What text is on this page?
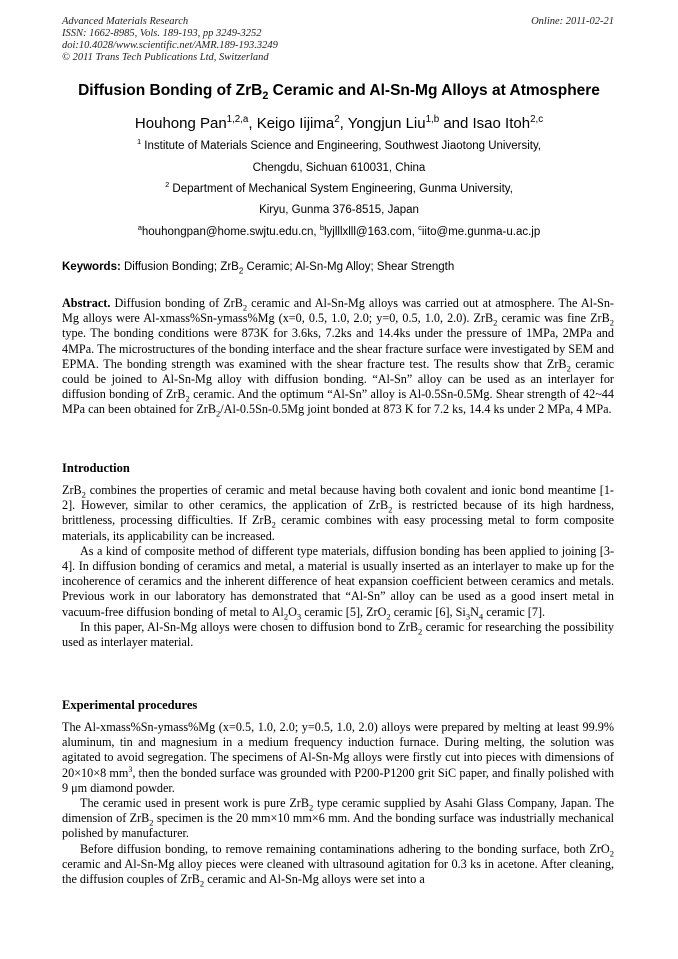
Advanced Materials Research
ISSN: 1662-8985, Vols. 189-193, pp 3249-3252
doi:10.4028/www.scientific.net/AMR.189-193.3249
© 2011 Trans Tech Publications Ltd, Switzerland
Online: 2011-02-21
Diffusion Bonding of ZrB$_2$ Ceramic and Al-Sn-Mg Alloys at Atmosphere
Houhong Pan$^{1,2,a}$, Keigo Iijima$^2$, Yongjun Liu$^{1,b}$ and Isao Itoh$^{2,c}$
$^1$ Institute of Materials Science and Engineering, Southwest Jiaotong University,
Chengdu, Sichuan 610031, China
$^2$ Department of Mechanical System Engineering, Gunma University,
Kiryu, Gunma 376-8515, Japan
$^a$houhongpan@home.swjtu.edu.cn, $^b$lyjlllxlll@163.com, $^c$iito@me.gunma-u.ac.jp
Keywords: Diffusion Bonding; ZrB$_2$ Ceramic; Al-Sn-Mg Alloy; Shear Strength

Abstract. Diffusion bonding of ZrB$_2$ ceramic and Al-Sn-Mg alloys was carried out at atmosphere. The Al-Sn-Mg alloys were Al-xmass%Sn-ymass%Mg (x=0, 0.5, 1.0, 2.0; y=0, 0.5, 1.0, 2.0). ZrB$_2$ ceramic was fine ZrB$_2$ type. The bonding conditions were 873K for 3.6ks, 7.2ks and 14.4ks under the pressure of 1MPa, 2MPa and 4MPa. The microstructures of the bonding interface and the shear fracture surface were investigated by SEM and EPMA. The bonding strength was examined with the shear fracture test. The results show that ZrB$_2$ ceramic could be joined to Al-Sn-Mg alloy with diffusion bonding. “Al-Sn” alloy can be used as an interlayer for diffusion bonding of ZrB$_2$ ceramic. And the optimum “Al-Sn” alloy is Al-0.5Sn-0.5Mg. Shear strength of 42~44 MPa can been obtained for ZrB$_2$/Al-0.5Sn-0.5Mg joint bonded at 873 K for 7.2 ks, 14.4 ks under 2 MPa, 4 MPa.

Introduction

ZrB$_2$ combines the properties of ceramic and metal because having both covalent and ionic bond meantime [1-2]. However, similar to other ceramics, the application of ZrB$_2$ is restricted because of its high hardness, brittleness, processing difficulties. If ZrB$_2$ ceramic combines with easy processing metal to form composite materials, its applicability can be increased.

As a kind of composite method of different type materials, diffusion bonding has been applied to joining [3-4]. In diffusion bonding of ceramics and metal, a material is usually inserted as an interlayer to make up for the incoherence of ceramics and the inherent difference of heat expansion coefficient between ceramics and metals. Previous work in our laboratory has demonstrated that “Al-Sn” alloy can be used as a good insert metal in vacuum-free diffusion bonding of metal to $Al_2O_3$ ceramic [5], ZrO$_2$ ceramic [6], $Si_3N_4$ ceramic [7].

In this paper, Al-Sn-Mg alloys were chosen to diffusion bond to ZrB$_2$ ceramic for researching the possibility used as interlayer material.

Experimental procedures

The Al-xmass%Sn-ymass%Mg (x=0.5, 1.0, 2.0; y=0.5, 1.0, 2.0) alloys were prepared by melting at least 99.9% aluminum, tin and magnesium in a medium frequency induction furnace. During melting, the solution was agitated to avoid segregation. The specimens of Al-Sn-Mg alloys were firstly cut into pieces with dimensions of 20×10×8 $mm^3$, then the bonded surface was grounded with P200-P1200 grit SiC paper, and finally polished with 9 μm diamond powder.

The ceramic used in present work is pure ZrB$_2$ type ceramic supplied by Asahi Glass Company, Japan. The dimension of ZrB$_2$ specimen is the 20 mm×10 mm×6 mm. And the bonding surface was industrially mechanical polished by manufacturer.

Before diffusion bonding, to remove remaining contaminations adhering to the bonding surface, both ZrO$_2$ ceramic and Al-Sn-Mg alloy pieces were cleaned with ultrasound agitation for 0.3 ks in acetone. After cleaning, the diffusion couples of ZrB$_2$ ceramic and Al-Sn-Mg alloys were set into a
